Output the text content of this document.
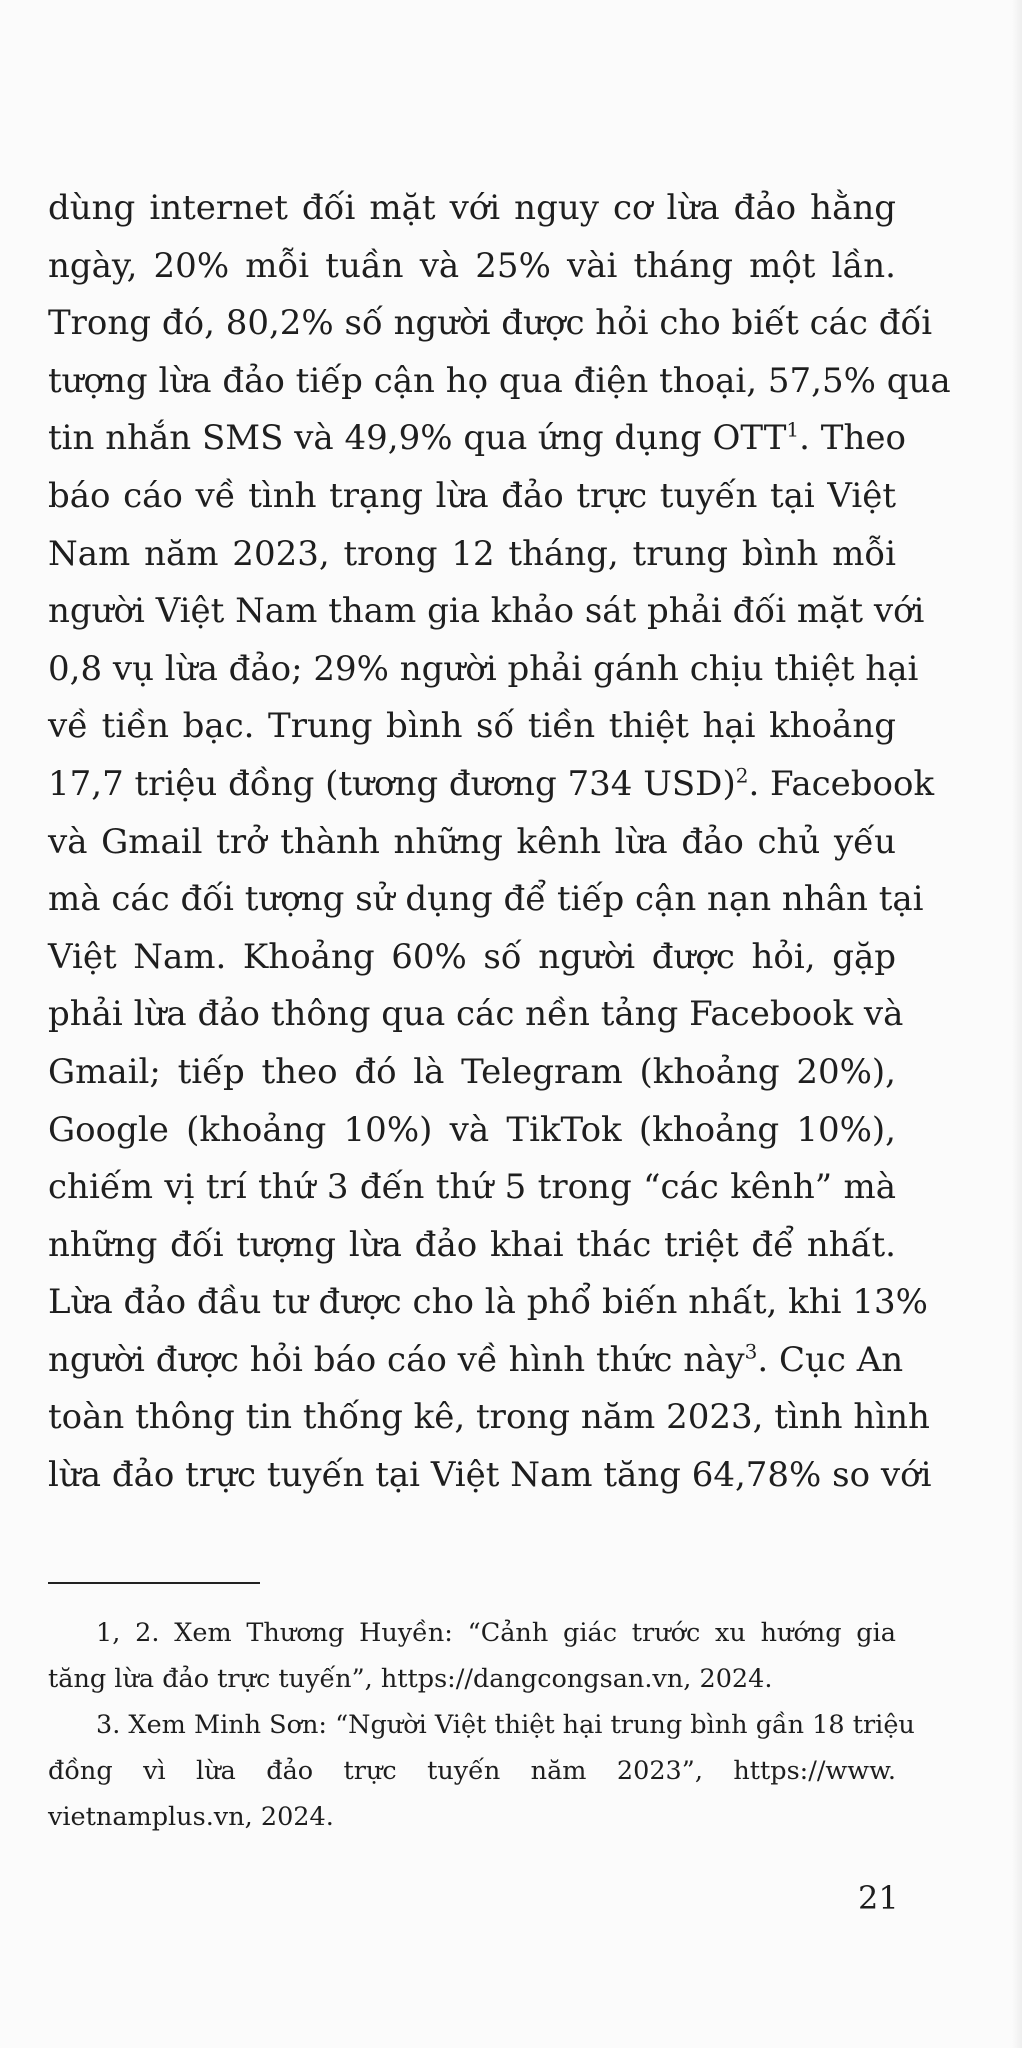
dùng internet đối mặt với nguy cơ lừa đảo hằng
ngày, 20% mỗi tuần và 25% vài tháng một lần.
Trong đó, 80,2% số người được hỏi cho biết các đối
tượng lừa đảo tiếp cận họ qua điện thoại, 57,5% qua
tin nhắn SMS và 49,9% qua ứng dụng OTT$^1$. Theo
báo cáo về tình trạng lừa đảo trực tuyến tại Việt
Nam năm 2023, trong 12 tháng, trung bình mỗi
người Việt Nam tham gia khảo sát phải đối mặt với
0,8 vụ lừa đảo; 29% người phải gánh chịu thiệt hại
về tiền bạc. Trung bình số tiền thiệt hại khoảng
17,7 triệu đồng (tương đương 734 USD)$^2$. Facebook
và Gmail trở thành những kênh lừa đảo chủ yếu
mà các đối tượng sử dụng để tiếp cận nạn nhân tại
Việt Nam. Khoảng 60% số người được hỏi, gặp
phải lừa đảo thông qua các nền tảng Facebook và
Gmail; tiếp theo đó là Telegram (khoảng 20%),
Google (khoảng 10%) và TikTok (khoảng 10%),
chiếm vị trí thứ 3 đến thứ 5 trong “các kênh” mà
những đối tượng lừa đảo khai thác triệt để nhất.
Lừa đảo đầu tư được cho là phổ biến nhất, khi 13%
người được hỏi báo cáo về hình thức này$^3$. Cục An
toàn thông tin thống kê, trong năm 2023, tình hình
lừa đảo trực tuyến tại Việt Nam tăng 64,78% so với
1, 2. Xem Thương Huyền: “Cảnh giác trước xu hướng gia
tăng lừa đảo trực tuyến”, https://dangcongsan.vn, 2024.
3. Xem Minh Sơn: “Người Việt thiệt hại trung bình gần 18 triệu
đồng vì lừa đảo trực tuyến năm 2023”, https://www.
vietnamplus.vn, 2024.
21
